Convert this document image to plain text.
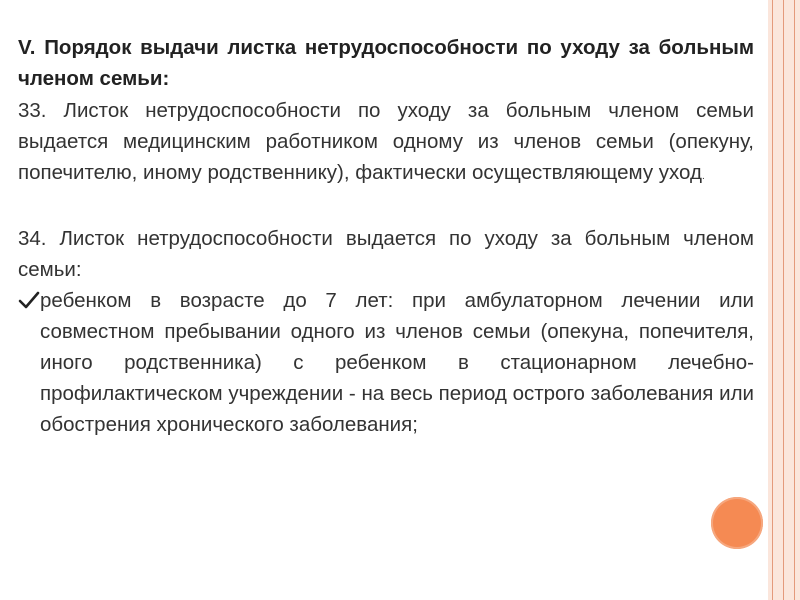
V. Порядок выдачи листка нетрудоспособности по уходу за больным членом семьи:

33. Листок нетрудоспособности по уходу за больным членом семьи выдается медицинским работником одному из членов семьи (опекуну, попечителю, иному родственнику), фактически осуществляющему уход.

34. Листок нетрудоспособности выдается по уходу за больным членом семьи:

ребенком в возрасте до 7 лет: при амбулаторном лечении или совместном пребывании одного из членов семьи (опекуна, попечителя, иного родственника) с ребенком в стационарном лечебно-профилактическом учреждении - на весь период острого заболевания или обострения хронического заболевания;
